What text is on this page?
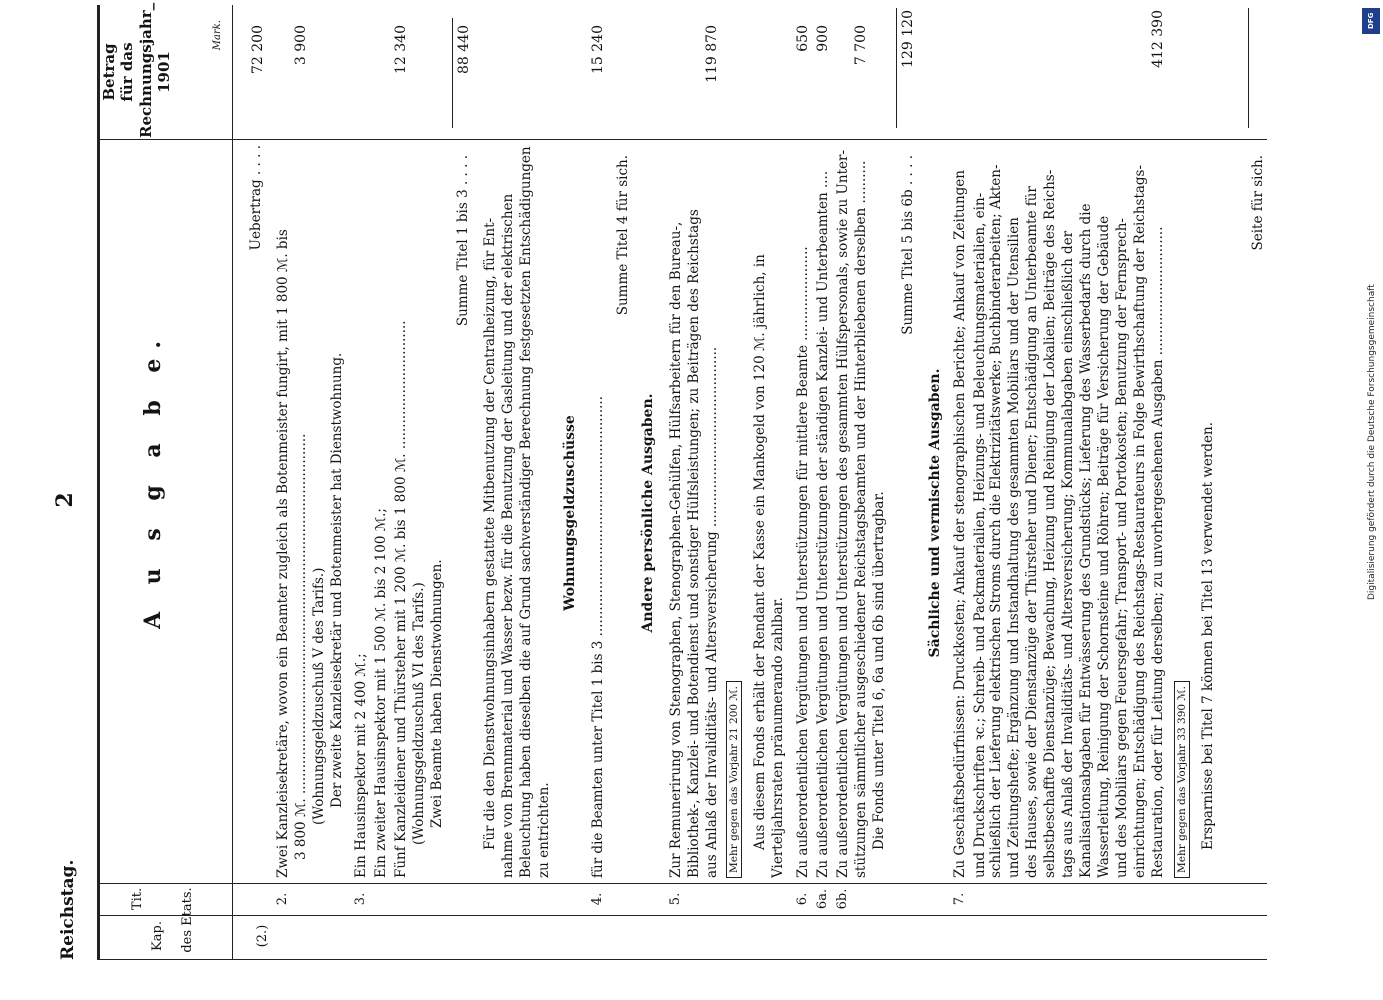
Reichstag.
2
Kap.
Tit.	des Etats.
A u s g a b e.
Betrag für das Rechnungsjahr_ 1901
Mark.
(2.)
Uebertrag . . . .
72 200
2.
Zwei Kanzleisekretäre, wovon ein Beamter zugleich als Botenmeister fungirt, mit 1 800 ℳ. bis 3 800 ℳ. .................................................................................... (Wohnungsgeldzuschuß V des Tarifs.) Der zweite Kanzleisekretär und Botenmeister hat Dienstwohnung.
3 900
3.
Ein Hausinspektor mit 2 400 ℳ.; Ein zweiter Hausinspektor mit 1 500 ℳ. bis 2 100 ℳ.; Fünf Kanzleidiener und Thürsteher mit 1 200 ℳ. bis 1 800 ℳ. .............................. (Wohnungsgeldzuschuß VI des Tarifs.) Zwei Beamte haben Dienstwohnungen.
12 340
Summe Titel 1 bis 3 . . . .
88 440
Für die den Dienstwohnungsinhabern gestattete Mitbenutzung der Centralheizung, für Ent- nahme von Brennmaterial und Wasser bezw. für die Benutzung der Gasleitung und der elektrischen Beleuchtung haben dieselben die auf Grund sachverständiger Berechnung festgesetzten Entschädigungen zu entrichten.
Wohnungsgeldzuschüsse
4.
für die Beamten unter Titel 1 bis 3 ........................................................
15 240
Summe Titel 4 für sich.
Andere persönliche Ausgaben.
5.
Zur Remunerirung von Stenographen, Stenographen-Gehülfen, Hülfsarbeitern für den Bureau-, Bibliothek-, Kanzlei- und Botendienst und sonstiger Hülfsleistungen; zu Beiträgen des Reichstags aus Anlaß der Invaliditäts- und Altersversicherung .......................................... Mehr gegen das Vorjahr 21 200 ℳ. Aus diesem Fonds erhält der Rendant der Kasse ein Mankogeld von 120 ℳ. jährlich, in Vierteljahrsraten pränumerando zahlbar.
119 870
6.
Zu außerordentlichen Vergütungen und Unterstützungen für mittlere Beamte ......................
650
6a.
Zu außerordentlichen Vergütungen und Unterstützungen der ständigen Kanzlei- und Unterbeamten ....
900
6b.
Zu außerordentlichen Vergütungen und Unterstützungen des gesammten Hülfspersonals, sowie zu Unter- stützungen sämmtlicher ausgeschiedener Reichstagsbeamten und der Hinterbliebenen derselben .......... Die Fonds unter Titel 6, 6a und 6b sind übertragbar.
7 700
Summe Titel 5 bis 6b . . . .
129 120
Sächliche und vermischte Ausgaben.
7.
Zu Geschäftsbedürfnissen: Druckkosten; Ankauf der stenographischen Berichte; Ankauf von Zeitungen und Druckschriften ꝛc.; Schreib- und Packmaterialien, Heizungs- und Beleuchtungsmaterialien, ein- schließlich der Lieferung elektrischen Stroms durch die Elektrizitätswerke; Buchbinderarbeiten; Akten- und Zeitungshefte; Ergänzung und Instandhaltung des gesammten Mobiliars und der Utensilien des Hauses, sowie der Dienstanzüge der Thürsteher und Diener; Entschädigung an Unterbeamte für selbstbeschaffte Dienstanzüge; Bewachung, Heizung und Reinigung der Lokalien; Beiträge des Reichs- tags aus Anlaß der Invaliditäts- und Altersversicherung; Kommunalabgaben einschließlich der Kanalisationsabgaben für Entwässerung des Grundstücks; Lieferung des Wasserbedarfs durch die Wasserleitung, Reinigung der Schornsteine und Röhren; Beiträge für Versicherung der Gebäude und des Mobiliars gegen Feuersgefahr; Transport- und Portokosten; Benutzung der Fernsprech- einrichtungen; Entschädigung des Reichstags-Restaurateurs in Folge Bewirthschaftung der Reichstags- Restauration, oder für Leitung derselben; zu unvorhergesehenen Ausgaben .............................. Mehr gegen das Vorjahr 33 390 ℳ. Ersparnisse bei Titel 7 können bei Titel 13 verwendet werden.
412 390
Seite für sich.
DFG
Digitalisierung gefördert durch die Deutsche Forschungsgemeinschaft
